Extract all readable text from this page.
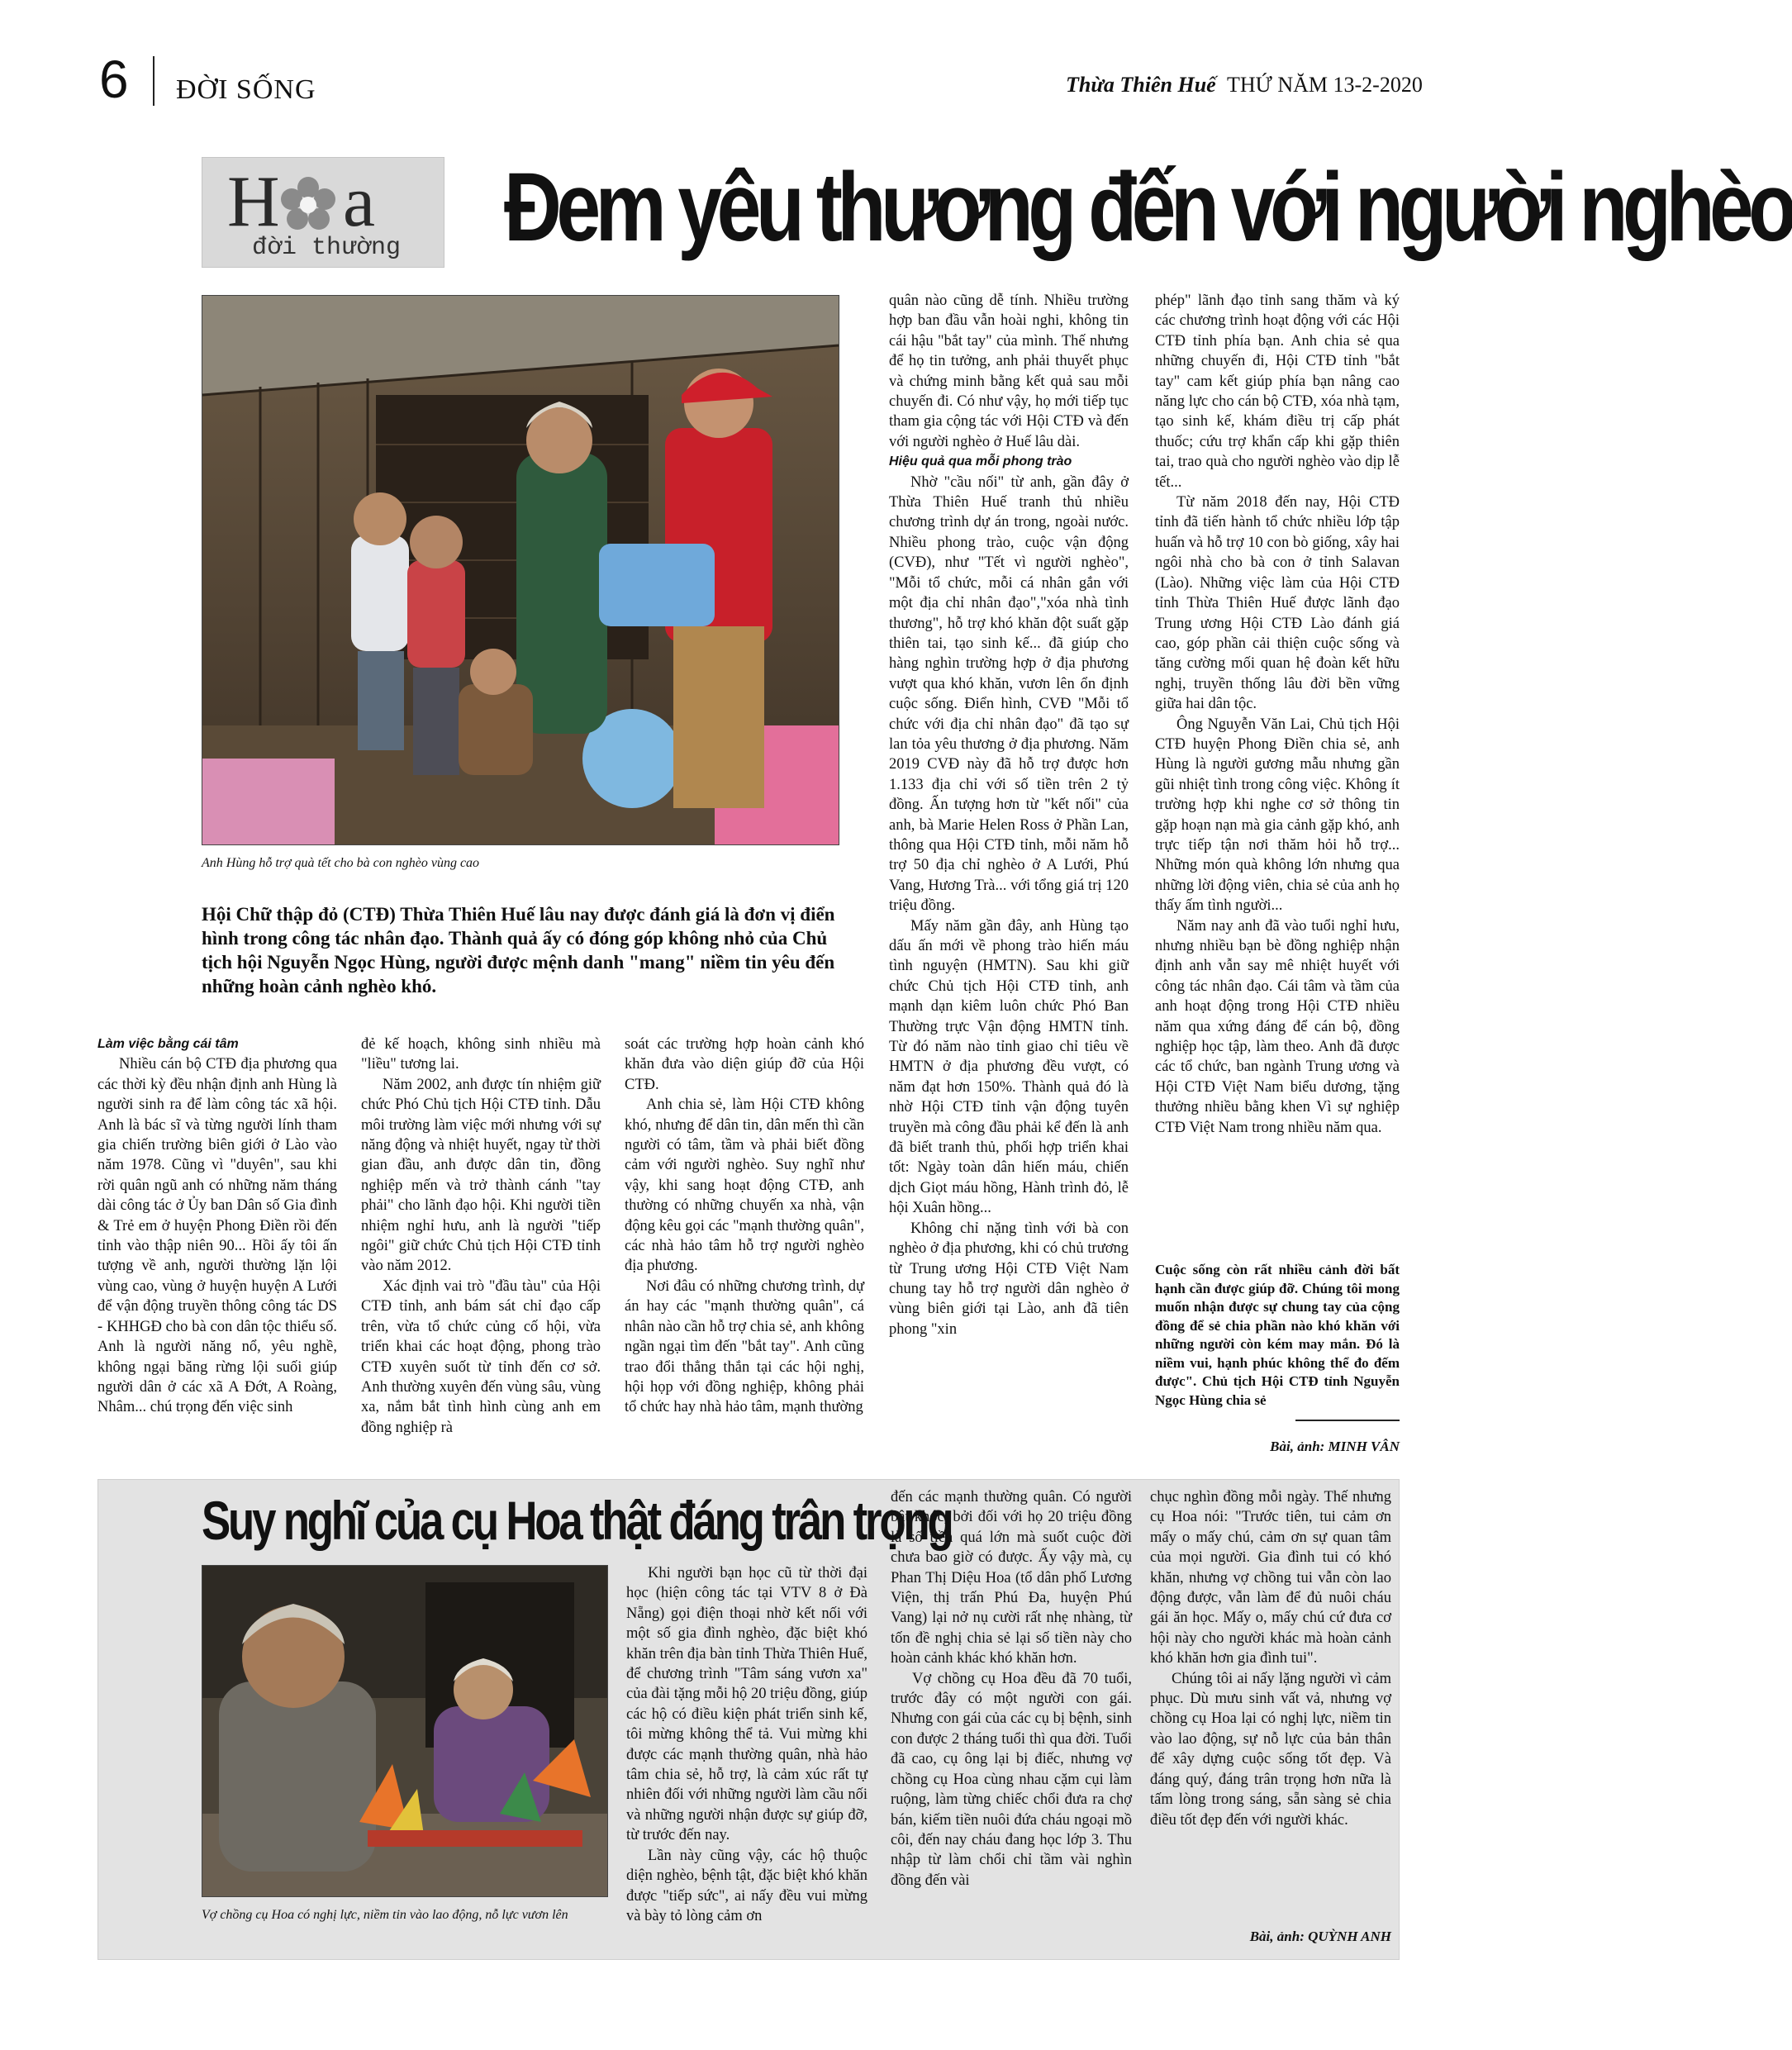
6 ĐỜI SỐNG	Thừa Thiên Huế THỨ NĂM 13-2-2020
H a
đời thường Đem yêu thương đến với người nghèo
Anh Hùng hỗ trợ quà tết cho bà con nghèo vùng cao
Hội Chữ thập đỏ (CTĐ) Thừa Thiên Huế lâu nay được đánh giá là đơn vị điển hình trong công tác nhân đạo. Thành quả ấy có đóng góp không nhỏ của Chủ tịch hội Nguyễn Ngọc Hùng, người được mệnh danh "mang" niềm tin yêu đến những hoàn cảnh nghèo khó.

Làm việc bằng cái tâm

Nhiều cán bộ CTĐ địa phương qua các thời kỳ đều nhận định anh Hùng là người sinh ra để làm công tác xã hội. Anh là bác sĩ và từng người lính tham gia chiến trường biên giới ở Lào vào năm 1978. Cũng vì "duyên", sau khi rời quân ngũ anh có những năm tháng dài công tác ở Ủy ban Dân số Gia đình & Trẻ em ở huyện Phong Điền rồi đến tỉnh vào thập niên 90... Hồi ấy tôi ấn tượng về anh, người thường lặn lội vùng cao, vùng ở huyện huyện A Lưới để vận động truyền thông công tác DS - KHHGĐ cho bà con dân tộc thiểu số. Anh là người năng nổ, yêu nghề, không ngại băng rừng lội suối giúp người dân ở các xã A Đớt, A Roàng, Nhâm... chú trọng đến việc sinh

đẻ kế hoạch, không sinh nhiều mà "liều" tương lai.

Năm 2002, anh được tín nhiệm giữ chức Phó Chủ tịch Hội CTĐ tỉnh. Dẫu môi trường làm việc mới nhưng với sự năng động và nhiệt huyết, ngay từ thời gian đầu, anh được dân tin, đồng nghiệp mến và trở thành cánh "tay phải" cho lãnh đạo hội. Khi người tiền nhiệm nghỉ hưu, anh là người "tiếp ngôi" giữ chức Chủ tịch Hội CTĐ tỉnh vào năm 2012.

Xác định vai trò "đầu tàu" của Hội CTĐ tỉnh, anh bám sát chỉ đạo cấp trên, vừa tổ chức củng cố hội, vừa triển khai các hoạt động, phong trào CTĐ xuyên suốt từ tỉnh đến cơ sở. Anh thường xuyên đến vùng sâu, vùng xa, nắm bắt tình hình cùng anh em đồng nghiệp rà

soát các trường hợp hoàn cảnh khó khăn đưa vào diện giúp đỡ của Hội CTĐ.

Anh chia sẻ, làm Hội CTĐ không khó, nhưng để dân tin, dân mến thì cần người có tâm, tầm và phải biết đồng cảm với người nghèo. Suy nghĩ như vậy, khi sang hoạt động CTĐ, anh thường có những chuyến xa nhà, vận động kêu gọi các "mạnh thường quân", các nhà hảo tâm hỗ trợ người nghèo địa phương.

Nơi đâu có những chương trình, dự án hay các "mạnh thường quân", cá nhân nào cần hỗ trợ chia sẻ, anh không ngần ngại tìm đến "bắt tay". Anh cũng trao đổi thẳng thắn tại các hội nghị, hội họp với đồng nghiệp, không phải tổ chức hay nhà hảo tâm, mạnh thường

quân nào cũng dễ tính. Nhiều trường hợp ban đầu vẫn hoài nghi, không tin cái hậu "bắt tay" của mình. Thế nhưng để họ tin tưởng, anh phải thuyết phục và chứng minh bằng kết quả sau mỗi chuyến đi. Có như vậy, họ mới tiếp tục tham gia cộng tác với Hội CTĐ và đến với người nghèo ở Huế lâu dài.

Hiệu quả qua mỗi phong trào

Nhờ "cầu nối" từ anh, gần đây ở Thừa Thiên Huế tranh thủ nhiều chương trình dự án trong, ngoài nước. Nhiều phong trào, cuộc vận động (CVĐ), như "Tết vì người nghèo", "Mỗi tổ chức, mỗi cá nhân gắn với một địa chỉ nhân đạo","xóa nhà tình thương", hỗ trợ khó khăn đột suất gặp thiên tai, tạo sinh kế... đã giúp cho hàng nghìn trường hợp ở địa phương vượt qua khó khăn, vươn lên ổn định cuộc sống. Điển hình, CVĐ "Mỗi tổ chức với địa chỉ nhân đạo" đã tạo sự lan tỏa yêu thương ở địa phương. Năm 2019 CVĐ này đã hỗ trợ được hơn 1.133 địa chỉ với số tiền trên 2 tỷ đồng. Ấn tượng hơn từ "kết nối" của anh, bà Marie Helen Ross ở Phần Lan, thông qua Hội CTĐ tỉnh, mỗi năm hỗ trợ 50 địa chỉ nghèo ở A Lưới, Phú Vang, Hương Trà... với tổng giá trị 120 triệu đồng.

Mấy năm gần đây, anh Hùng tạo dấu ấn mới về phong trào hiến máu tình nguyện (HMTN). Sau khi giữ chức Chủ tịch Hội CTĐ tỉnh, anh mạnh dạn kiêm luôn chức Phó Ban Thường trực Vận động HMTN tỉnh. Từ đó năm nào tỉnh giao chỉ tiêu về HMTN ở địa phương đều vượt, có năm đạt hơn 150%. Thành quả đó là nhờ Hội CTĐ tỉnh vận động tuyên truyền mà công đầu phải kể đến là anh đã biết tranh thủ, phối hợp triển khai tốt: Ngày toàn dân hiến máu, chiến dịch Giọt máu hồng, Hành trình đỏ, lễ hội Xuân hồng...

Không chỉ nặng tình với bà con nghèo ở địa phương, khi có chủ trương từ Trung ương Hội CTĐ Việt Nam chung tay hỗ trợ người dân nghèo ở vùng biên giới tại Lào, anh đã tiên phong "xin

phép" lãnh đạo tỉnh sang thăm và ký các chương trình hoạt động với các Hội CTĐ tỉnh phía bạn. Anh chia sẻ qua những chuyến đi, Hội CTĐ tỉnh "bắt tay" cam kết giúp phía bạn nâng cao năng lực cho cán bộ CTĐ, xóa nhà tạm, tạo sinh kế, khám điều trị cấp phát thuốc; cứu trợ khẩn cấp khi gặp thiên tai, trao quà cho người nghèo vào dịp lễ tết...

Từ năm 2018 đến nay, Hội CTĐ tỉnh đã tiến hành tổ chức nhiều lớp tập huấn và hỗ trợ 10 con bò giống, xây hai ngôi nhà cho bà con ở tỉnh Salavan (Lào). Những việc làm của Hội CTĐ tỉnh Thừa Thiên Huế được lãnh đạo Trung ương Hội CTĐ Lào đánh giá cao, góp phần cải thiện cuộc sống và tăng cường mối quan hệ đoàn kết hữu nghị, truyền thống lâu đời bền vững giữa hai dân tộc.

Ông Nguyễn Văn Lai, Chủ tịch Hội CTĐ huyện Phong Điền chia sẻ, anh Hùng là người gương mẫu nhưng gần gũi nhiệt tình trong công việc. Không ít trường hợp khi nghe cơ sở thông tin gặp hoạn nạn mà gia cảnh gặp khó, anh trực tiếp tận nơi thăm hỏi hỗ trợ... Những món quà không lớn nhưng qua những lời động viên, chia sẻ của anh họ thấy ấm tình người...

Năm nay anh đã vào tuổi nghỉ hưu, nhưng nhiều bạn bè đồng nghiệp nhận định anh vẫn say mê nhiệt huyết với công tác nhân đạo. Cái tâm và tầm của anh hoạt động trong Hội CTĐ nhiều năm qua xứng đáng để cán bộ, đồng nghiệp học tập, làm theo. Anh đã được các tổ chức, ban ngành Trung ương và Hội CTĐ Việt Nam biểu dương, tặng thưởng nhiều bằng khen Vì sự nghiệp CTĐ Việt Nam trong nhiều năm qua.

Cuộc sống còn rất nhiều cảnh đời bất hạnh cần được giúp đỡ. Chúng tôi mong muốn nhận được sự chung tay của cộng đồng để sẻ chia phần nào khó khăn với những người còn kém may mắn. Đó là niềm vui, hạnh phúc không thể đo đếm được". Chủ tịch Hội CTĐ tỉnh Nguyễn Ngọc Hùng chia sẻ
Bài, ảnh: MINH VÂN
Suy nghĩ của cụ Hoa thật đáng trân trọng
Vợ chồng cụ Hoa có nghị lực, niềm tin vào lao động, nỗ lực vươn lên

Khi người bạn học cũ từ thời đại học (hiện công tác tại VTV 8 ở Đà Nẵng) gọi điện thoại nhờ kết nối với một số gia đình nghèo, đặc biệt khó khăn trên địa bàn tỉnh Thừa Thiên Huế, để chương trình "Tâm sáng vươn xa" của đài tặng mỗi hộ 20 triệu đồng, giúp các hộ có điều kiện phát triển sinh kế, tôi mừng không thể tả. Vui mừng khi được các mạnh thường quân, nhà hảo tâm chia sẻ, hỗ trợ, là cảm xúc rất tự nhiên đối với những người làm cầu nối và những người nhận được sự giúp đỡ, từ trước đến nay.

Lần này cũng vậy, các hộ thuộc diện nghèo, bệnh tật, đặc biệt khó khăn được "tiếp sức", ai nấy đều vui mừng và bày tỏ lòng cảm ơn

đến các mạnh thường quân. Có người bật khóc, bởi đối với họ 20 triệu đồng là số tiền quá lớn mà suốt cuộc đời chưa bao giờ có được. Ấy vậy mà, cụ Phan Thị Diệu Hoa (tổ dân phố Lương Viện, thị trấn Phú Đa, huyện Phú Vang) lại nở nụ cười rất nhẹ nhàng, từ tốn đề nghị chia sẻ lại số tiền này cho hoàn cảnh khác khó khăn hơn.

Vợ chồng cụ Hoa đều đã 70 tuổi, trước đây có một người con gái. Nhưng con gái của các cụ bị bệnh, sinh con được 2 tháng tuổi thì qua đời. Tuổi đã cao, cụ ông lại bị điếc, nhưng vợ chồng cụ Hoa cùng nhau cặm cụi làm ruộng, làm từng chiếc chổi đưa ra chợ bán, kiếm tiền nuôi đứa cháu ngoại mồ côi, đến nay cháu đang học lớp 3. Thu nhập từ làm chổi chỉ tầm vài nghìn đồng đến vài

chục nghìn đồng mỗi ngày. Thế nhưng cụ Hoa nói: "Trước tiên, tui cảm ơn mấy o mấy chú, cảm ơn sự quan tâm của mọi người. Gia đình tui có khó khăn, nhưng vợ chồng tui vẫn còn lao động được, vẫn làm để đủ nuôi cháu gái ăn học. Mấy o, mấy chú cứ đưa cơ hội này cho người khác mà hoàn cảnh khó khăn hơn gia đình tui".

Chúng tôi ai nấy lặng người vì cảm phục. Dù mưu sinh vất vả, nhưng vợ chồng cụ Hoa lại có nghị lực, niềm tin vào lao động, sự nỗ lực của bản thân để xây dựng cuộc sống tốt đẹp. Và đáng quý, đáng trân trọng hơn nữa là tấm lòng trong sáng, sẵn sàng sẻ chia điều tốt đẹp đến với người khác.

Bài, ảnh: QUỲNH ANH
